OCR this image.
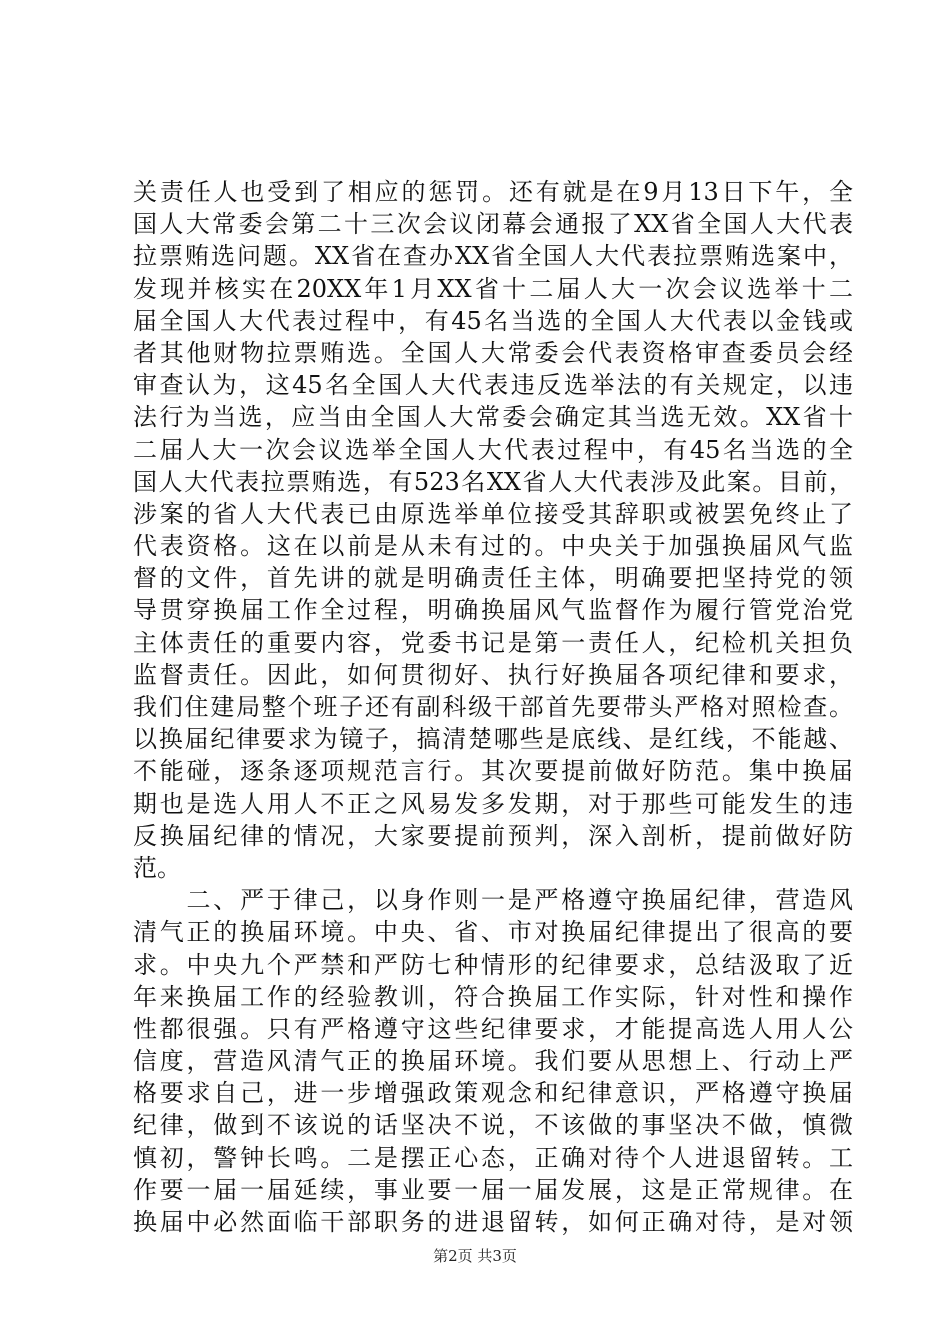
关责任人也受到了相应的惩罚。还有就是在9月13日下午，全
国人大常委会第二十三次会议闭幕会通报了XX省全国人大代表
拉票贿选问题。XX省在查办XX省全国人大代表拉票贿选案中，
发现并核实在20XX年1月XX省十二届人大一次会议选举十二
届全国人大代表过程中，有45名当选的全国人大代表以金钱或
者其他财物拉票贿选。全国人大常委会代表资格审查委员会经
审查认为，这45名全国人大代表违反选举法的有关规定，以违
法行为当选，应当由全国人大常委会确定其当选无效。XX省十
二届人大一次会议选举全国人大代表过程中，有45名当选的全
国人大代表拉票贿选，有523名XX省人大代表涉及此案。目前，
涉案的省人大代表已由原选举单位接受其辞职或被罢免终止了
代表资格。这在以前是从未有过的。中央关于加强换届风气监
督的文件，首先讲的就是明确责任主体，明确要把坚持党的领
导贯穿换届工作全过程，明确换届风气监督作为履行管党治党
主体责任的重要内容，党委书记是第一责任人，纪检机关担负
监督责任。因此，如何贯彻好、执行好换届各项纪律和要求，
我们住建局整个班子还有副科级干部首先要带头严格对照检查。
以换届纪律要求为镜子，搞清楚哪些是底线、是红线，不能越、
不能碰，逐条逐项规范言行。其次要提前做好防范。集中换届
期也是选人用人不正之风易发多发期，对于那些可能发生的违
反换届纪律的情况，大家要提前预判，深入剖析，提前做好防
范。
　　二、严于律己，以身作则一是严格遵守换届纪律，营造风
清气正的换届环境。中央、省、市对换届纪律提出了很高的要
求。中央九个严禁和严防七种情形的纪律要求，总结汲取了近
年来换届工作的经验教训，符合换届工作实际，针对性和操作
性都很强。只有严格遵守这些纪律要求，才能提高选人用人公
信度，营造风清气正的换届环境。我们要从思想上、行动上严
格要求自己，进一步增强政策观念和纪律意识，严格遵守换届
纪律，做到不该说的话坚决不说，不该做的事坚决不做，慎微
慎初，警钟长鸣。二是摆正心态，正确对待个人进退留转。工
作要一届一届延续，事业要一届一届发展，这是正常规律。在
换届中必然面临干部职务的进退留转，如何正确对待，是对领
第2页 共3页
